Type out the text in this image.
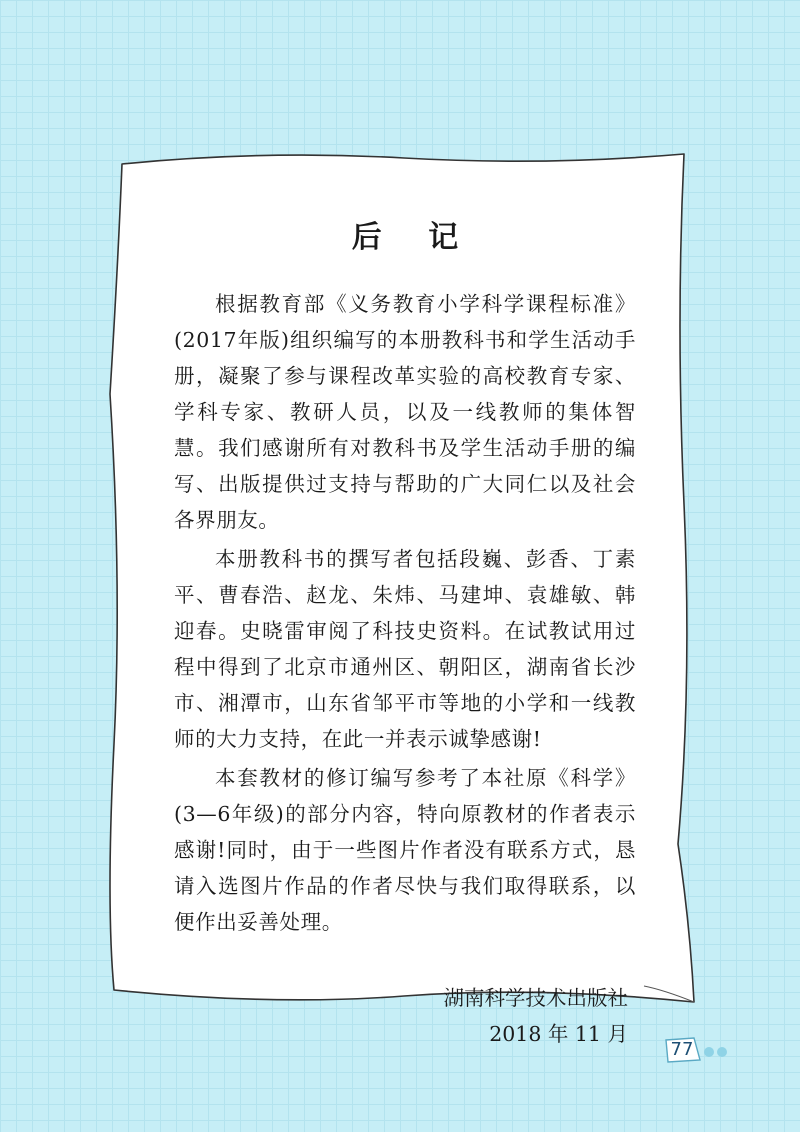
后 记

根据教育部《义务教育小学科学课程标准》(2017年版)组织编写的本册教科书和学生活动手册，凝聚了参与课程改革实验的高校教育专家、学科专家、教研人员，以及一线教师的集体智慧。我们感谢所有对教科书及学生活动手册的编写、出版提供过支持与帮助的广大同仁以及社会各界朋友。

本册教科书的撰写者包括段巍、彭香、丁素平、曹春浩、赵龙、朱炜、马建坤、袁雄敏、韩迎春。史晓雷审阅了科技史资料。在试教试用过程中得到了北京市通州区、朝阳区，湖南省长沙市、湘潭市，山东省邹平市等地的小学和一线教师的大力支持，在此一并表示诚挚感谢!

本套教材的修订编写参考了本社原《科学》(3—6年级)的部分内容，特向原教材的作者表示感谢!同时，由于一些图片作者没有联系方式，恳请入选图片作品的作者尽快与我们取得联系，以便作出妥善处理。

湖南科学技术出版社
2018 年 11 月
77
